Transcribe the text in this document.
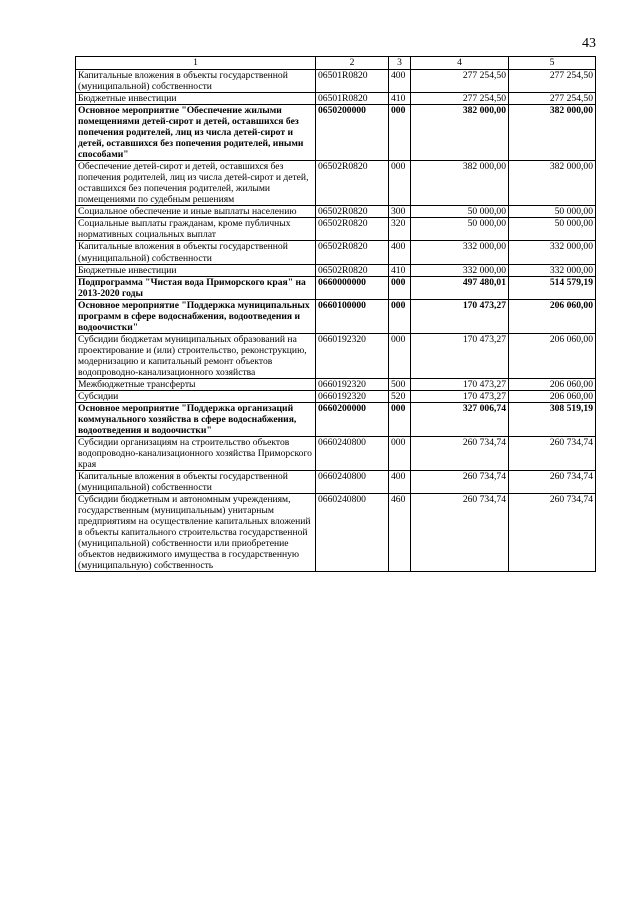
43
1	2	3	4	5
Капитальные вложения в объекты государственной (муниципальной) собственности	06501R0820	400	277 254,50	277 254,50
Бюджетные инвестиции	06501R0820	410	277 254,50	277 254,50
Основное мероприятие "Обеспечение жилыми помещениями детей-сирот и детей, оставшихся без попечения родителей, лиц из числа детей-сирот и детей, оставшихся без попечения родителей, иными способами"	0650200000	000	382 000,00	382 000,00
Обеспечение детей-сирот и детей, оставшихся без попечения родителей, лиц из числа детей-сирот и детей, оставшихся без попечения родителей, жилыми помещениями по судебным решениям	06502R0820	000	382 000,00	382 000,00
Социальное обеспечение и иные выплаты населению	06502R0820	300	50 000,00	50 000,00
Социальные выплаты гражданам, кроме публичных нормативных социальных выплат	06502R0820	320	50 000,00	50 000,00
Капитальные вложения в объекты государственной (муниципальной) собственности	06502R0820	400	332 000,00	332 000,00
Бюджетные инвестиции	06502R0820	410	332 000,00	332 000,00
Подпрограмма "Чистая вода Приморского края" на 2013-2020 годы	0660000000	000	497 480,01	514 579,19
Основное мероприятие "Поддержка муниципальных программ в сфере водоснабжения, водоотведения и водоочистки"	0660100000	000	170 473,27	206 060,00
Субсидии бюджетам муниципальных образований на проектирование и (или) строительство, реконструкцию, модернизацию и капитальный ремонт объектов водопроводно-канализационного хозяйства	0660192320	000	170 473,27	206 060,00
Межбюджетные трансферты	0660192320	500	170 473,27	206 060,00
Субсидии	0660192320	520	170 473,27	206 060,00
Основное мероприятие "Поддержка организаций коммунального хозяйства в сфере водоснабжения, водоотведения и водоочистки"	0660200000	000	327 006,74	308 519,19
Субсидии организациям на строительство объектов водопроводно-канализационного хозяйства Приморского края	0660240800	000	260 734,74	260 734,74
Капитальные вложения в объекты государственной (муниципальной) собственности	0660240800	400	260 734,74	260 734,74
Субсидии бюджетным и автономным учреждениям, государственным (муниципальным) унитарным предприятиям на осуществление капитальных вложений в объекты капитального строительства государственной (муниципальной) собственности или приобретение объектов недвижимого имущества в государственную (муниципальную) собственность	0660240800	460	260 734,74	260 734,74
